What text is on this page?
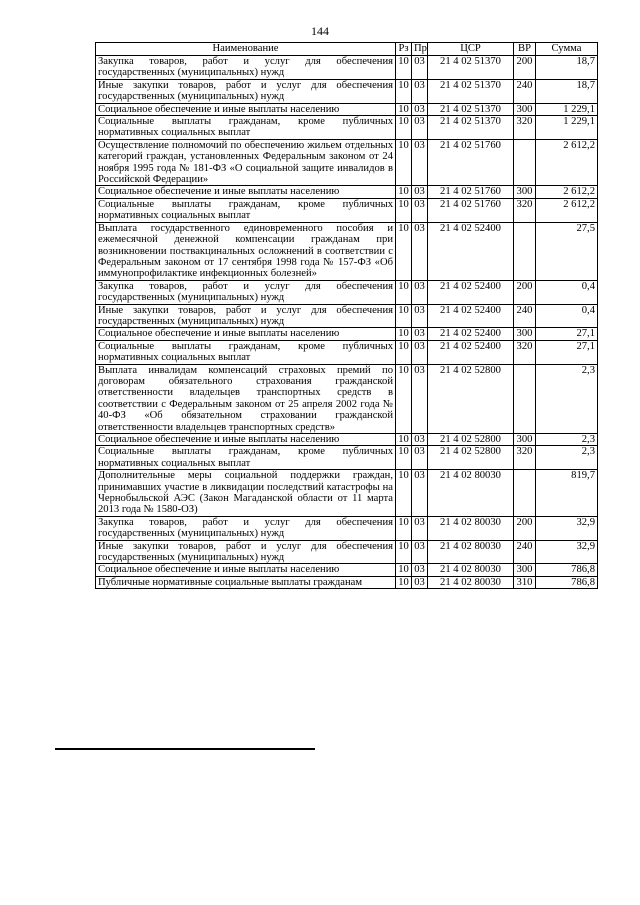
144
Наименование	Рз	Пр	ЦСР	ВР	Сумма
Закупка товаров, работ и услуг для обеспечения государственных (муниципальных) нужд	10	03	21 4 02 51370	200	18,7
Иные закупки товаров, работ и услуг для обеспечения государственных (муниципальных) нужд	10	03	21 4 02 51370	240	18,7
Социальное обеспечение и иные выплаты населению	10	03	21 4 02 51370	300	1 229,1
Социальные выплаты гражданам, кроме публичных нормативных социальных выплат	10	03	21 4 02 51370	320	1 229,1
Осуществление полномочий по обеспечению жильем отдельных категорий граждан, установленных Федеральным законом от 24 ноября 1995 года № 181-ФЗ «О социальной защите инвалидов в Российской Федерации»	10	03	21 4 02 51760		2 612,2
Социальное обеспечение и иные выплаты населению	10	03	21 4 02 51760	300	2 612,2
Социальные выплаты гражданам, кроме публичных нормативных социальных выплат	10	03	21 4 02 51760	320	2 612,2
Выплата государственного единовременного пособия и ежемесячной денежной компенсации гражданам при возникновении поствакцинальных осложнений в соответствии с Федеральным законом от 17 сентября 1998 года № 157-ФЗ «Об иммунопрофилактике инфекционных болезней»	10	03	21 4 02 52400		27,5
Закупка товаров, работ и услуг для обеспечения государственных (муниципальных) нужд	10	03	21 4 02 52400	200	0,4
Иные закупки товаров, работ и услуг для обеспечения государственных (муниципальных) нужд	10	03	21 4 02 52400	240	0,4
Социальное обеспечение и иные выплаты населению	10	03	21 4 02 52400	300	27,1
Социальные выплаты гражданам, кроме публичных нормативных социальных выплат	10	03	21 4 02 52400	320	27,1
Выплата инвалидам компенсаций страховых премий по договорам обязательного страхования гражданской ответственности владельцев транспортных средств в соответствии с Федеральным законом от 25 апреля 2002 года № 40-ФЗ «Об обязательном страховании гражданской ответственности владельцев транспортных средств»	10	03	21 4 02 52800		2,3
Социальное обеспечение и иные выплаты населению	10	03	21 4 02 52800	300	2,3
Социальные выплаты гражданам, кроме публичных нормативных социальных выплат	10	03	21 4 02 52800	320	2,3
Дополнительные меры социальной поддержки граждан, принимавших участие в ликвидации последствий катастрофы на Чернобыльской АЭС (Закон Магаданской области от 11 марта 2013 года № 1580-ОЗ)	10	03	21 4 02 80030		819,7
Закупка товаров, работ и услуг для обеспечения государственных (муниципальных) нужд	10	03	21 4 02 80030	200	32,9
Иные закупки товаров, работ и услуг для обеспечения государственных (муниципальных) нужд	10	03	21 4 02 80030	240	32,9
Социальное обеспечение и иные выплаты населению	10	03	21 4 02 80030	300	786,8
Публичные нормативные социальные выплаты гражданам	10	03	21 4 02 80030	310	786,8
